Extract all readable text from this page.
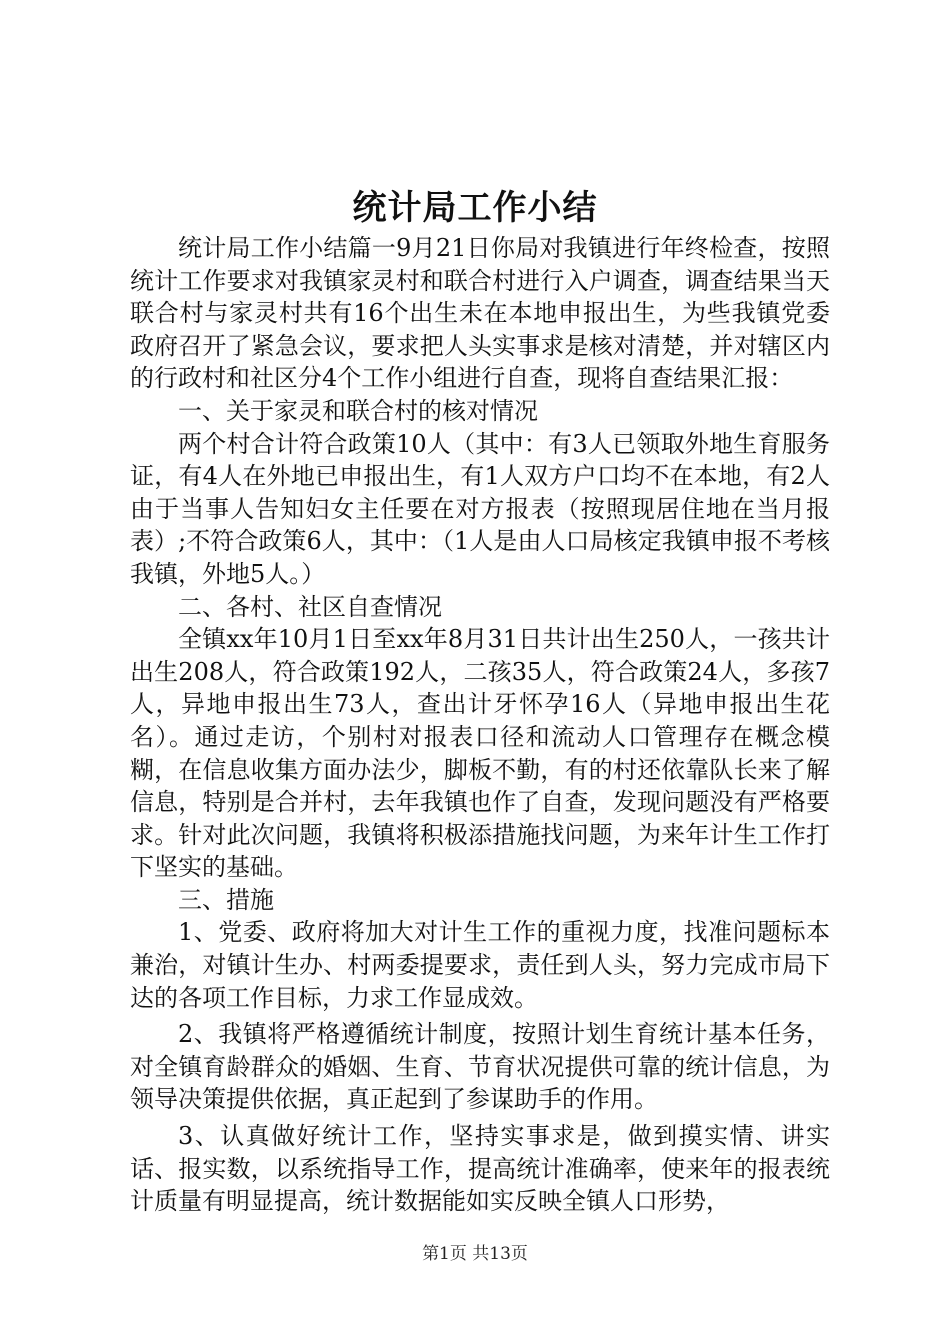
统计局工作小结

统计局工作小结篇一9月21日你局对我镇进行年终检查，按照统计工作要求对我镇家灵村和联合村进行入户调查，调查结果当天联合村与家灵村共有16个出生未在本地申报出生，为些我镇党委政府召开了紧急会议，要求把人头实事求是核对清楚，并对辖区内的行政村和社区分4个工作小组进行自查，现将自查结果汇报：

一、关于家灵和联合村的核对情况

两个村合计符合政策10人（其中：有3人已领取外地生育服务证，有4人在外地已申报出生，有1人双方户口均不在本地，有2人由于当事人告知妇女主任要在对方报表（按照现居住地在当月报表）;不符合政策6人，其中：（1人是由人口局核定我镇申报不考核我镇，外地5人。）

二、各村、社区自查情况

全镇xx年10月1日至xx年8月31日共计出生250人，一孩共计出生208人，符合政策192人，二孩35人，符合政策24人，多孩7人，异地申报出生73人，查出计牙怀孕16人（异地申报出生花名）。通过走访，个别村对报表口径和流动人口管理存在概念模糊，在信息收集方面办法少，脚板不勤，有的村还依靠队长来了解信息，特别是合并村，去年我镇也作了自查，发现问题没有严格要求。针对此次问题，我镇将积极添措施找问题，为来年计生工作打下坚实的基础。

三、措施

1、党委、政府将加大对计生工作的重视力度，找准问题标本兼治，对镇计生办、村两委提要求，责任到人头，努力完成市局下达的各项工作目标，力求工作显成效。

2、我镇将严格遵循统计制度，按照计划生育统计基本任务，对全镇育龄群众的婚姻、生育、节育状况提供可靠的统计信息，为领导决策提供依据，真正起到了参谋助手的作用。

3、认真做好统计工作，坚持实事求是，做到摸实情、讲实话、报实数，以系统指导工作，提高统计准确率，使来年的报表统计质量有明显提高，统计数据能如实反映全镇人口形势，

第1页 共13页
